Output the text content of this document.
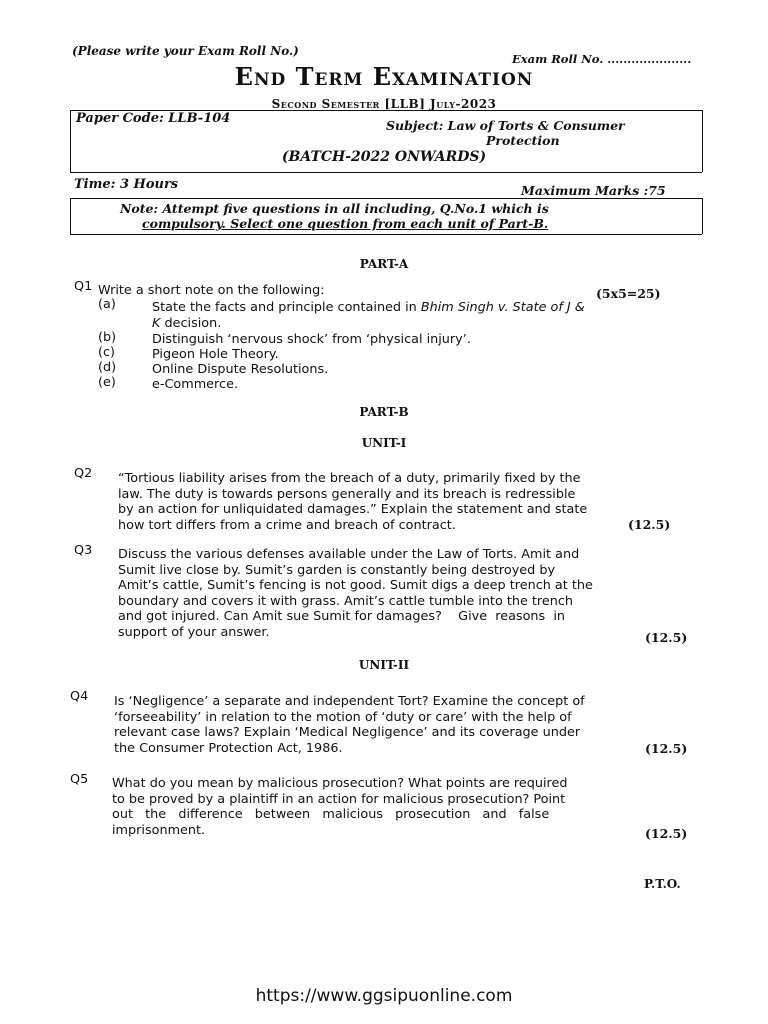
(Please write your Exam Roll No.)
Exam Roll No. .....................
End Term Examination
Second Semester [LLB] July-2023
Paper Code: LLB-104	Subject: Law of Torts & Consumer
Protection
(BATCH-2022 ONWARDS)
Time: 3 Hours	Maximum Marks :75
Note: Attempt five questions in all including, Q.No.1 which is
compulsory. Select one question from each unit of Part-B.
PART-A
Q1 Write a short note on the following:	(5x5=25)
(a)	State the facts and principle contained in Bhim Singh v. State of J &
K decision.
(b)	Distinguish ‘nervous shock’ from ‘physical injury’.
(c)	Pigeon Hole Theory.
(d)	Online Dispute Resolutions.
(e)	e-Commerce.
PART-B
UNIT-I
Q2 “Tortious liability arises from the breach of a duty, primarily fixed by the
law. The duty is towards persons generally and its breach is redressible
by an action for unliquidated damages.” Explain the statement and state
how tort differs from a crime and breach of contract.	(12.5)
Q3 Discuss the various defenses available under the Law of Torts. Amit and
Sumit live close by. Sumit’s garden is constantly being destroyed by
Amit’s cattle, Sumit’s fencing is not good. Sumit digs a deep trench at the
boundary and covers it with grass. Amit’s cattle tumble into the trench
and got injured. Can Amit sue Sumit for damages?    Give  reasons  in
support of your answer.	(12.5)
UNIT-II
Q4 Is ‘Negligence’ a separate and independent Tort? Examine the concept of
‘forseeability’ in relation to the motion of ‘duty or care’ with the help of
relevant case laws? Explain ‘Medical Negligence’ and its coverage under
the Consumer Protection Act, 1986.	(12.5)
Q5 What do you mean by malicious prosecution? What points are required
to be proved by a plaintiff in an action for malicious prosecution? Point
out   the   difference   between   malicious   prosecution   and   false
imprisonment.	(12.5)
P.T.O.
https://www.ggsipuonline.com
